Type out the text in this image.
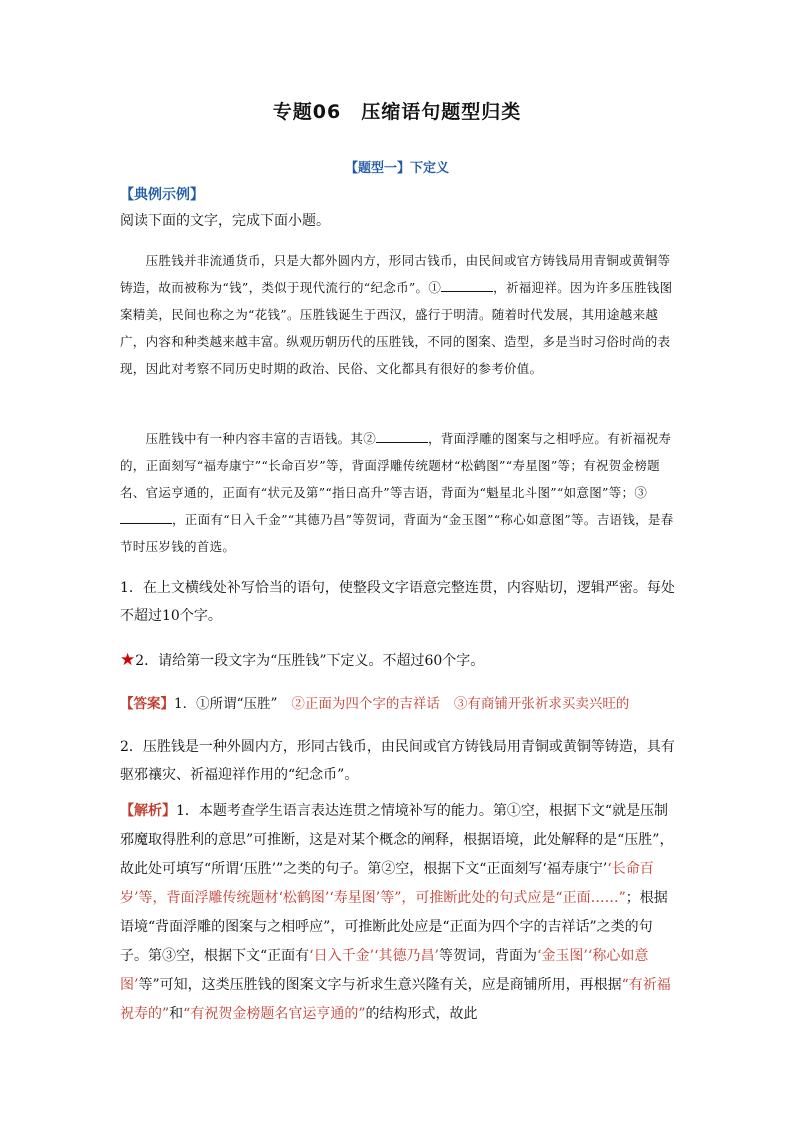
专题06　压缩语句题型归类
【题型一】下定义
【典例示例】
阅读下面的文字，完成下面小题。
　　压胜钱并非流通货币，只是大都外圆内方，形同古钱币，由民间或官方铸钱局用青铜或黄铜等铸造，故而被称为“钱”，类似于现代流行的“纪念币”。①	，祈福迎祥。因为许多压胜钱图案精美，民间也称之为“花钱”。压胜钱诞生于西汉，盛行于明清。随着时代发展，其用途越来越广，内容和种类越来越丰富。纵观历朝历代的压胜钱，不同的图案、造型，多是当时习俗时尚的表现，因此对考察不同历史时期的政治、民俗、文化都具有很好的参考价值。
　　压胜钱中有一种内容丰富的吉语钱。其②	，背面浮雕的图案与之相呼应。有祈福祝寿的，正面刻写“福寿康宁”“长命百岁”等，背面浮雕传统题材“松鹤图”“寿星图”等；有祝贺金榜题名、官运亨通的，正面有“状元及第”“指日高升”等吉语，背面为“魁星北斗图”“如意图”等；③，正面有“日入千金”“其德乃昌”等贺词，背面为“金玉图”“称心如意图”等。吉语钱，是春节时压岁钱的首选。
1．在上文横线处补写恰当的语句，使整段文字语意完整连贯，内容贴切，逻辑严密。每处不超过10个字。
★2．请给第一段文字为“压胜钱”下定义。不超过60个字。
【答案】1．①所谓“压胜” ②正面为四个字的吉祥话 ③有商铺开张祈求买卖兴旺的
2．压胜钱是一种外圆内方，形同古钱币，由民间或官方铸钱局用青铜或黄铜等铸造，具有驱邪禳灾、祈福迎祥作用的“纪念币”。
【解析】1．本题考查学生语言表达连贯之情境补写的能力。第①空，根据下文“就是压制邪魔取得胜利的意思”可推断，这是对某个概念的阐释，根据语境，此处解释的是“压胜”，故此处可填写“所谓‘压胜’”之类的句子。第②空，根据下文“正面刻写‘福寿康宁’‘长命百岁’等，背面浮雕传统题材‘松鹤图’‘寿星图’等”，可推断此处的句式应是“正面……”；根据语境“背面浮雕的图案与之相呼应”，可推断此处应是“正面为四个字的吉祥话”之类的句子。第③空，根据下文“正面有‘日入千金’‘其德乃昌’等贺词，背面为‘金玉图’‘称心如意图’等”可知，这类压胜钱的图案文字与祈求生意兴隆有关，应是商铺所用，再根据“有祈福祝寿的”和“有祝贺金榜题名官运亨通的”的结构形式，故此
